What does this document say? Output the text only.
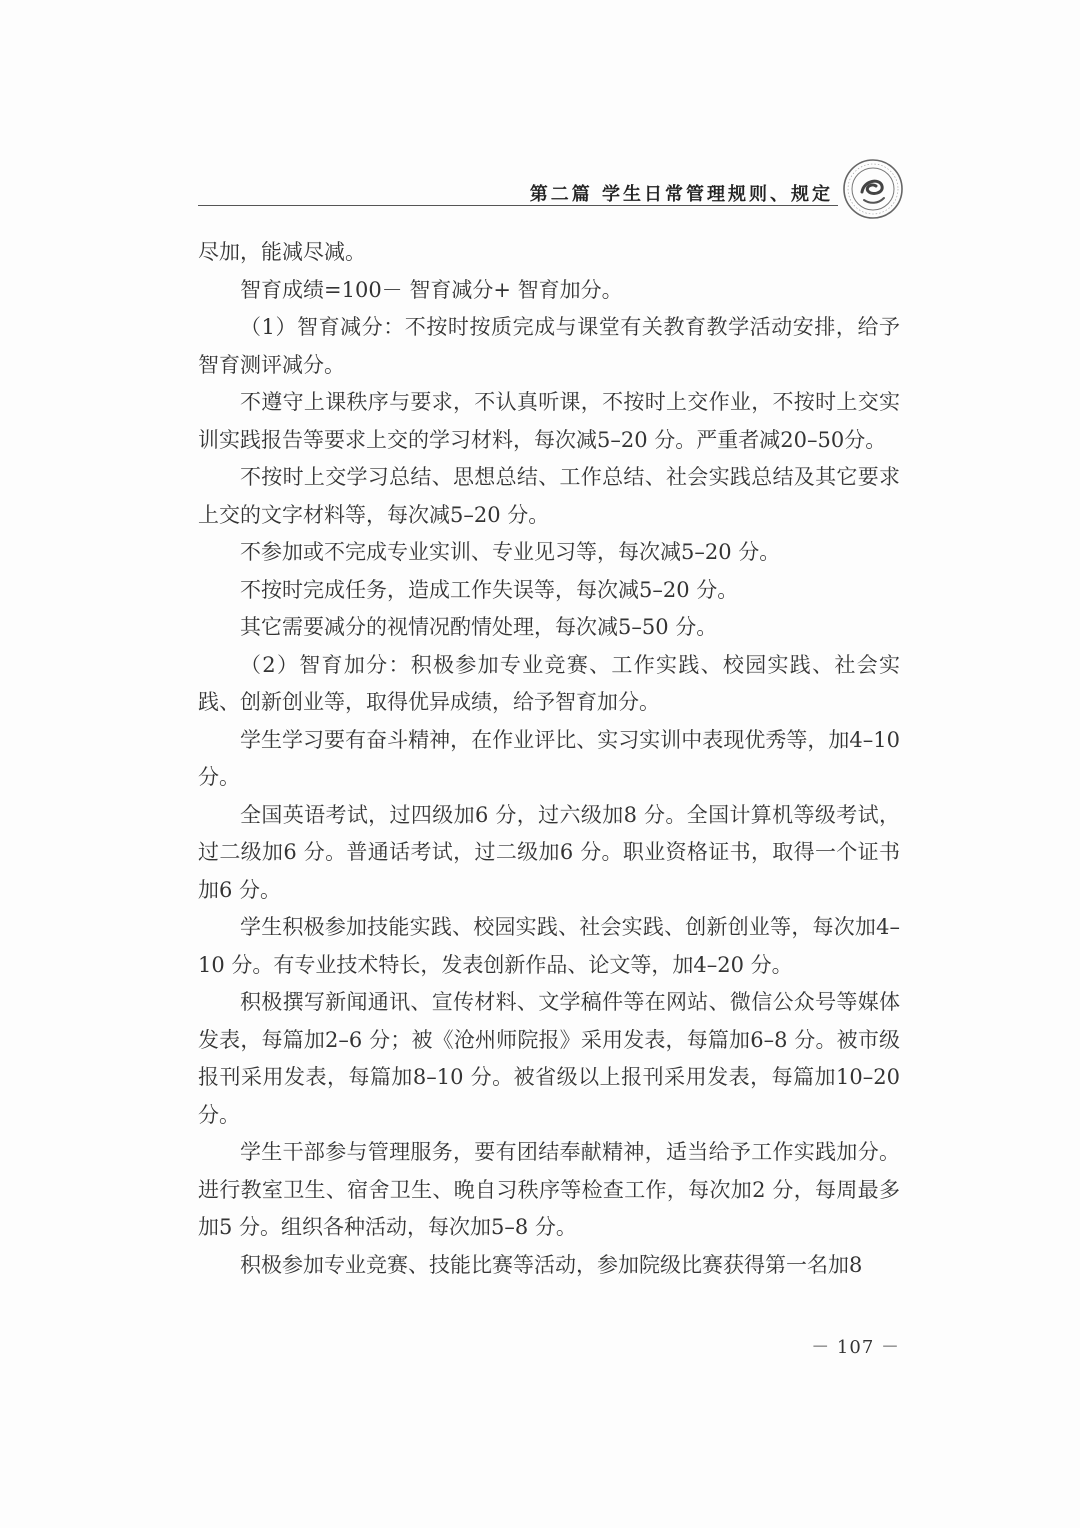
第二篇 学生日常管理规则、规定

尽加，能减尽减。

智育成绩=100－ 智育减分+ 智育加分。

（1）智育减分：不按时按质完成与课堂有关教育教学活动安排，给予智育测评减分。

不遵守上课秩序与要求，不认真听课，不按时上交作业，不按时上交实训实践报告等要求上交的学习材料，每次减5–20 分。严重者减20–50分。

不按时上交学习总结、思想总结、工作总结、社会实践总结及其它要求上交的文字材料等，每次减5–20 分。

不参加或不完成专业实训、专业见习等，每次减5–20 分。

不按时完成任务，造成工作失误等，每次减5–20 分。

其它需要减分的视情况酌情处理，每次减5–50 分。

（2）智育加分：积极参加专业竞赛、工作实践、校园实践、社会实践、创新创业等，取得优异成绩，给予智育加分。

学生学习要有奋斗精神，在作业评比、实习实训中表现优秀等，加4–10 分。

全国英语考试，过四级加6 分，过六级加8 分。全国计算机等级考试，过二级加6 分。普通话考试，过二级加6 分。职业资格证书，取得一个证书加6 分。

学生积极参加技能实践、校园实践、社会实践、创新创业等，每次加4–10 分。有专业技术特长，发表创新作品、论文等，加4–20 分。

积极撰写新闻通讯、宣传材料、文学稿件等在网站、微信公众号等媒体发表，每篇加2–6 分；被《沧州师院报》采用发表，每篇加6–8 分。被市级报刊采用发表，每篇加8–10 分。被省级以上报刊采用发表，每篇加10–20 分。

学生干部参与管理服务，要有团结奉献精神，适当给予工作实践加分。进行教室卫生、宿舍卫生、晚自习秩序等检查工作，每次加2 分，每周最多加5 分。组织各种活动，每次加5–8 分。

积极参加专业竞赛、技能比赛等活动，参加院级比赛获得第一名加8

－ 107 －
